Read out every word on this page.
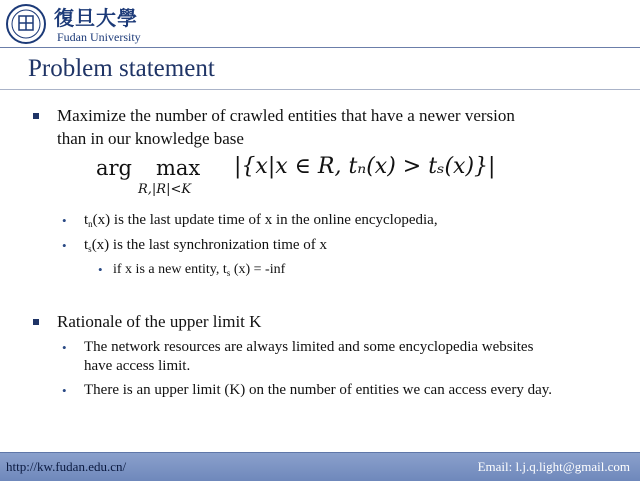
復旦大學
Fudan University
Problem statement
Maximize the number of crawled entities that have a newer version
than in our knowledge base
arg max
R,|R|<K
|{x|x ∈ R, tₙ(x) > tₛ(x)}|
• $t_n(x)$ is the last update time of x in the online encyclopedia,
• $t_s(x)$ is the last synchronization time of x
• if x is a new entity, $t_s$ (x) = -inf
Rationale of the upper limit K
• The network resources are always limited and some encyclopedia websites
have access limit.
• There is an upper limit (K) on the number of entities we can access every day.
http://kw.fudan.edu.cn/	Email: l.j.q.light@gmail.com
